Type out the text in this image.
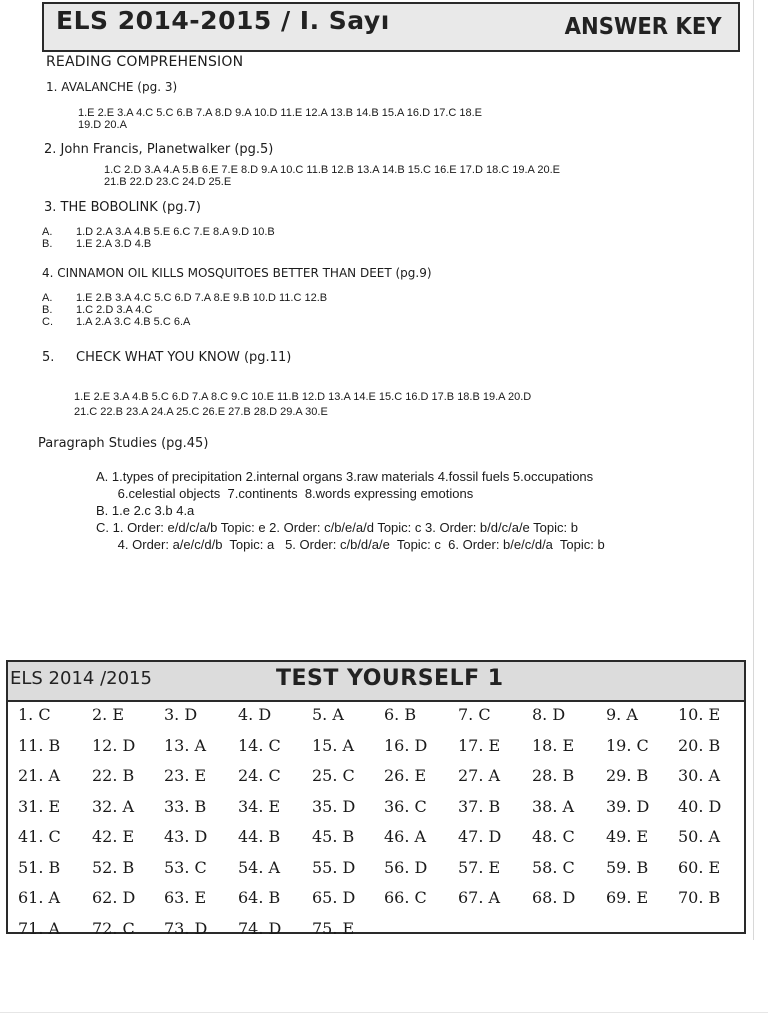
ELS 2014-2015 / I. Sayı	ANSWER KEY
READING COMPREHENSION
1. AVALANCHE (pg. 3)
1.E 2.E 3.A 4.C 5.C 6.B 7.A 8.D 9.A 10.D 11.E 12.A 13.B 14.B 15.A 16.D 17.C 18.E
19.D 20.A
2. John Francis, Planetwalker (pg.5)
1.C 2.D 3.A 4.A 5.B 6.E 7.E 8.D 9.A 10.C 11.B 12.B 13.A 14.B 15.C 16.E 17.D 18.C 19.A 20.E
21.B 22.D 23.C 24.D 25.E
3. THE BOBOLINK (pg.7)
A. 1.D 2.A 3.A 4.B 5.E 6.C 7.E 8.A 9.D 10.B
B. 1.E 2.A 3.D 4.B
4. CINNAMON OIL KILLS MOSQUITOES BETTER THAN DEET (pg.9)
A. 1.E 2.B 3.A 4.C 5.C 6.D 7.A 8.E 9.B 10.D 11.C 12.B
B. 1.C 2.D 3.A 4.C
C. 1.A 2.A 3.C 4.B 5.C 6.A
5. CHECK WHAT YOU KNOW (pg.11)
1.E 2.E 3.A 4.B 5.C 6.D 7.A 8.C 9.C 10.E 11.B 12.D 13.A 14.E 15.C 16.D 17.B 18.B 19.A 20.D
21.C 22.B 23.A 24.A 25.C 26.E 27.B 28.D 29.A 30.E
Paragraph Studies (pg.45)
A. 1.types of precipitation 2.internal organs 3.raw materials 4.fossil fuels 5.occupations
6.celestial objects  7.continents  8.words expressing emotions
B. 1.e 2.c 3.b 4.a
C. 1. Order: e/d/c/a/b Topic: e 2. Order: c/b/e/a/d Topic: c 3. Order: b/d/c/a/e Topic: b
4. Order: a/e/c/d/b  Topic: a   5. Order: c/b/d/a/e  Topic: c  6. Order: b/e/c/d/a  Topic: b
ELS 2014 /2015	TEST YOURSELF 1
1. C	2. E 3. D	4. D	5. A	6. B	7. C	8. D	9. A	10. E
11. B 12. D 13. A 14. C 15. A 16. D 17. E 18. E 19. C 20. B
21. A 22. B 23. E 24. C 25. C 26. E 27. A 28. B 29. B 30. A
31. E 32. A 33. B 34. E 35. D 36. C 37. B 38. A 39. D 40. D
41. C 42. E 43. D 44. B 45. B 46. A 47. D 48. C 49. E 50. A
51. B 52. B 53. C 54. A 55. D 56. D 57. E 58. C 59. B 60. E
61. A 62. D 63. E 64. B 65. D 66. C 67. A 68. D 69. E 70. B
71. A 72. C 73. D 74. D 75. E
